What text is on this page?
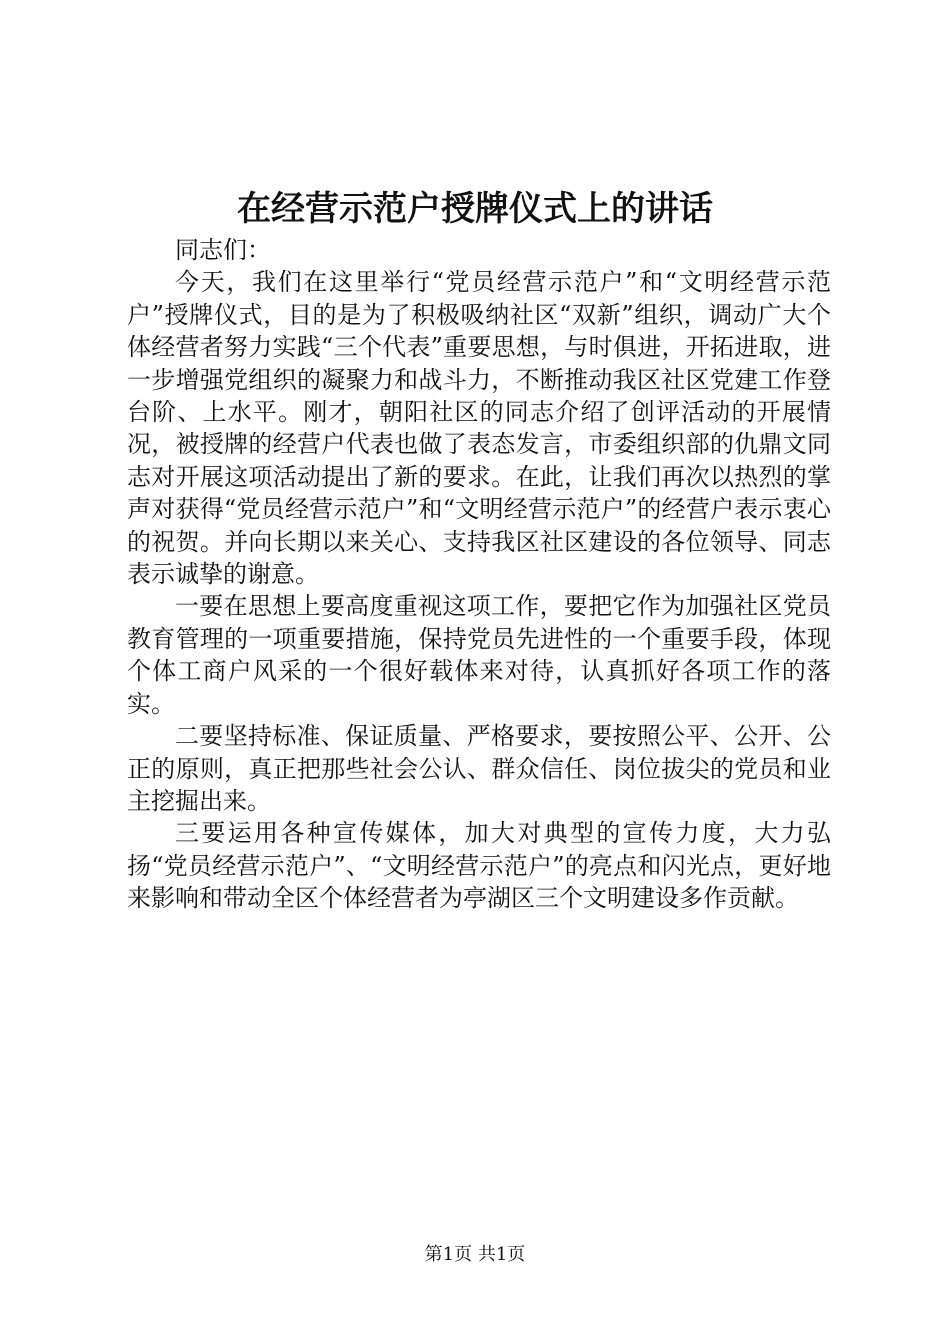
在经营示范户授牌仪式上的讲话

同志们：

今天，我们在这里举行“党员经营示范户”和“文明经营示范户”授牌仪式，目的是为了积极吸纳社区“双新”组织，调动广大个体经营者努力实践“三个代表”重要思想，与时俱进，开拓进取，进一步增强党组织的凝聚力和战斗力，不断推动我区社区党建工作登台阶、上水平。刚才，朝阳社区的同志介绍了创评活动的开展情况，被授牌的经营户代表也做了表态发言，市委组织部的仇鼎文同志对开展这项活动提出了新的要求。在此，让我们再次以热烈的掌声对获得“党员经营示范户”和“文明经营示范户”的经营户表示衷心的祝贺。并向长期以来关心、支持我区社区建设的各位领导、同志表示诚挚的谢意。

一要在思想上要高度重视这项工作，要把它作为加强社区党员教育管理的一项重要措施，保持党员先进性的一个重要手段，体现个体工商户风采的一个很好载体来对待，认真抓好各项工作的落实。

二要坚持标准、保证质量、严格要求，要按照公平、公开、公正的原则，真正把那些社会公认、群众信任、岗位拔尖的党员和业主挖掘出来。

三要运用各种宣传媒体，加大对典型的宣传力度，大力弘扬“党员经营示范户”、“文明经营示范户”的亮点和闪光点，更好地来影响和带动全区个体经营者为亭湖区三个文明建设多作贡献。

第1页 共1页
